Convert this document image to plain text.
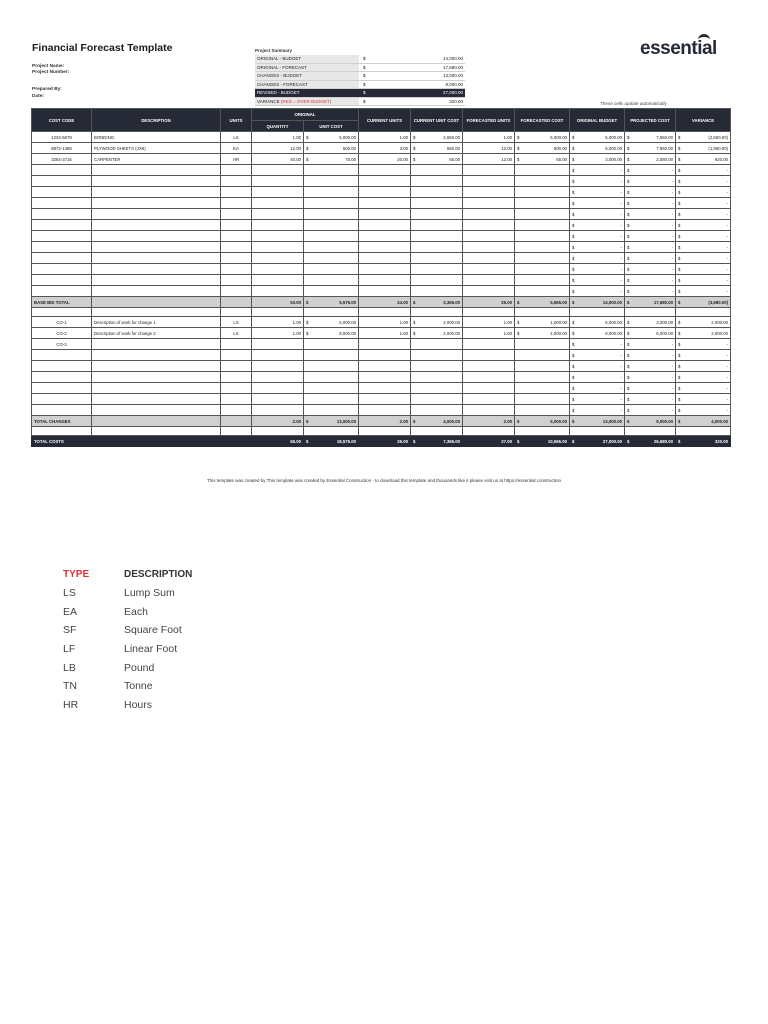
Financial Forecast Template
Project Name:
Project Number:
Prepared By:
Date:
essential
Project Summary
ORIGINAL - BUDGET	$	14,000.00
ORIGINAL - FORECAST	$	17,680.00
CHANGES - BUDGET	$	13,000.00
CHANGES - FORECAST	$	9,000.00
REVISED - BUDGET	$	27,000.00
VARIANCE (RED = OVER BUDGET)	$	320.00	These cells update automatically
COST CODE	DESCRIPTION	UNITS	ORIGINAL		CURRENT UNITS	CURRENT UNIT COST	FORECASTED UNITS	FORECASTED COST	ORIGINAL BUDGET	PROJECTED COST	VARIANCE
			QUANTITY	UNIT COST							
1234-5678	BONDING	LS	1.00	$ 5,000.00	1.00	$ 2,650.00	1.00	$ 5,000.00	$ 5,000.00	$ 7,650.00	$ (2,650.00)
8872-1389	PLYWOOD SHEETS (4X8)	EA	12.00	$ 500.00	3.00	$ 650.00	12.00	$ 500.00	$ 6,000.00	$ 7,950.00	$ (1,950.00)
3284-3716	CARPENTER	HR	40.00	$ 75.00	20.00	$ 65.00	12.00	$ 65.00	$ 3,000.00	$ 2,080.00	$ 920.00

									$ -	$ -	$ -

									$ -	$ -	$ -

									$ -	$ -	$ -

									$ -	$ -	$ -

									$ -	$ -	$ -

									$ -	$ -	$ -

									$ -	$ -	$ -

									$ -	$ -	$ -

									$ -	$ -	$ -

									$ -	$ -	$ -

									$ -	$ -	$ -

									$ -	$ -	$ -
BASE BID TOTAL			53.00	$ 5,575.00	24.00	$ 3,365.00	25.00	$ 5,565.00	$ 14,000.00	$ 17,680.00	$ (3,680.00)

CO-1	Description of work for change 1	LS	1.00	$ 5,000.00	1.00	$ 2,000.00	1.00	$ 1,000.00	$ 5,000.00	$ 3,000.00	$ 2,000.00
CO-2	Description of work for change 2	LS	1.00	$ 8,000.00	1.00	$ 2,000.00	1.00	$ 4,000.00	$ 8,000.00	$ 6,000.00	$ 2,000.00
CO-3									$ -	$ -	$ -

									$ -	$ -	$ -

									$ -	$ -	$ -

									$ -	$ -	$ -

									$ -	$ -	$ -

									$ -	$ -	$ -

									$ -	$ -	$ -
TOTAL CHANGES			2.00	$ 13,000.00	2.00	$ 4,000.00	2.00	$ 5,000.00	$ 13,000.00	$ 9,000.00	$ 4,000.00

TOTAL COSTS			55.00	$ 18,575.00	26.00	$ 7,365.00	27.00	$ 10,565.00	$ 27,000.00	$ 26,680.00	$ 320.00
This template was created by This template was created by Essential Construction - to download this template and thousands like it please visit us at https://essential.construction
TYPE	DESCRIPTION
LS	Lump Sum
EA	Each
SF	Square Foot
LF	Linear Foot
LB	Pound
TN	Tonne
HR	Hours
